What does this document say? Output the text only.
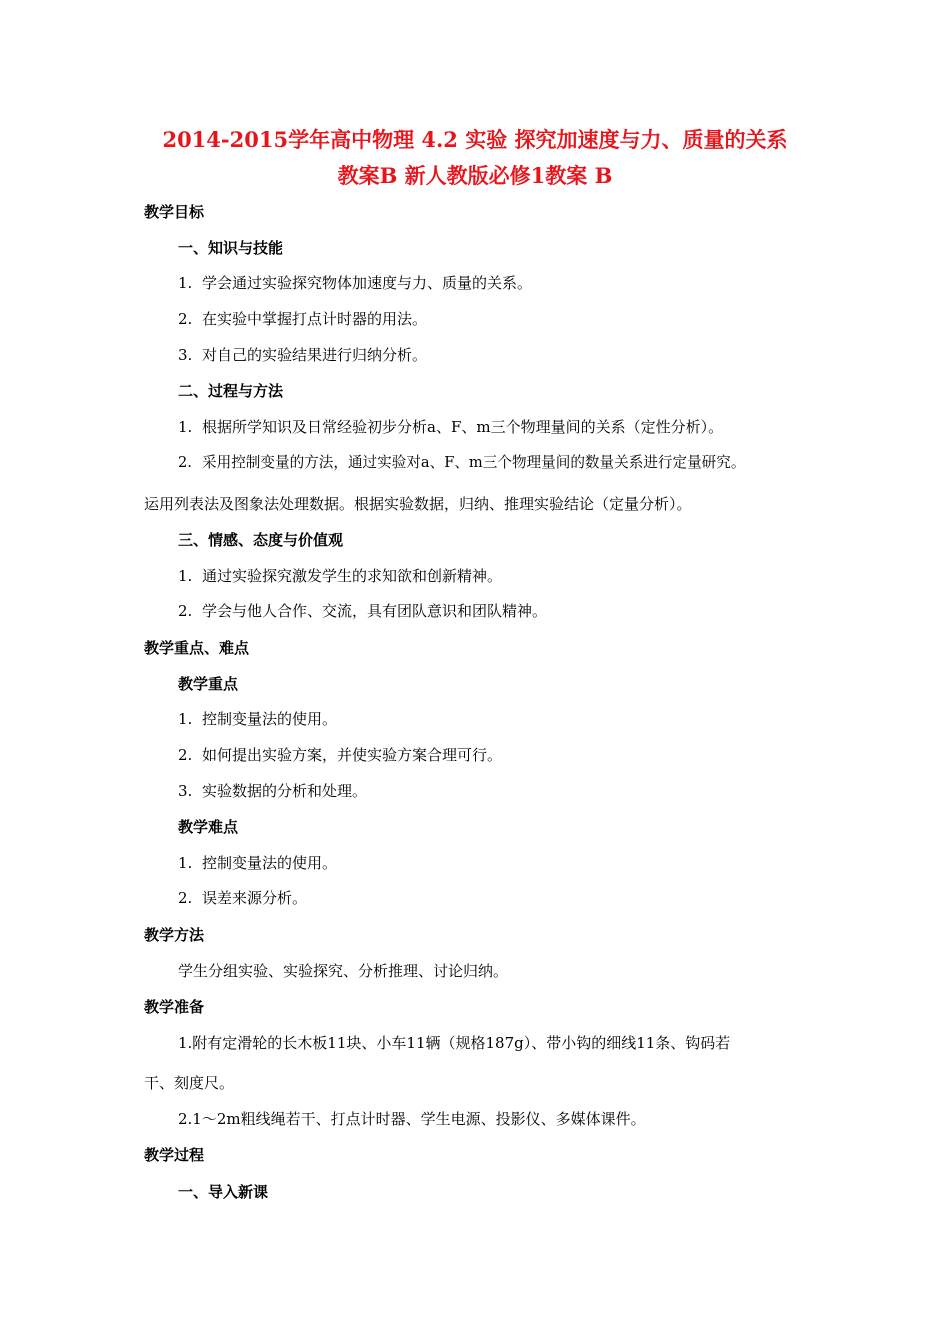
2014-2015学年高中物理 4.2 实验 探究加速度与力、质量的关系
教案B 新人教版必修1教案 B
教学目标
一、知识与技能
1. 学会通过实验探究物体加速度与力、质量的关系。
2. 在实验中掌握打点计时器的用法。
3. 对自己的实验结果进行归纳分析。
二、过程与方法
1. 根据所学知识及日常经验初步分析a、F、m三个物理量间的关系（定性分析）。
2. 采用控制变量的方法，通过实验对a、F、m三个物理量间的数量关系进行定量研究。
运用列表法及图象法处理数据。根据实验数据，归纳、推理实验结论（定量分析）。
三、情感、态度与价值观
1. 通过实验探究激发学生的求知欲和创新精神。
2. 学会与他人合作、交流，具有团队意识和团队精神。
教学重点、难点
教学重点
1. 控制变量法的使用。
2. 如何提出实验方案，并使实验方案合理可行。
3. 实验数据的分析和处理。
教学难点
1. 控制变量法的使用。
2. 误差来源分析。
教学方法
学生分组实验、实验探究、分析推理、讨论归纳。
教学准备
1.附有定滑轮的长木板11块、小车11辆（规格187g）、带小钩的细线11条、钩码若
干、刻度尺。
2.1～2m粗线绳若干、打点计时器、学生电源、投影仪、多媒体课件。
教学过程
一、导入新课
